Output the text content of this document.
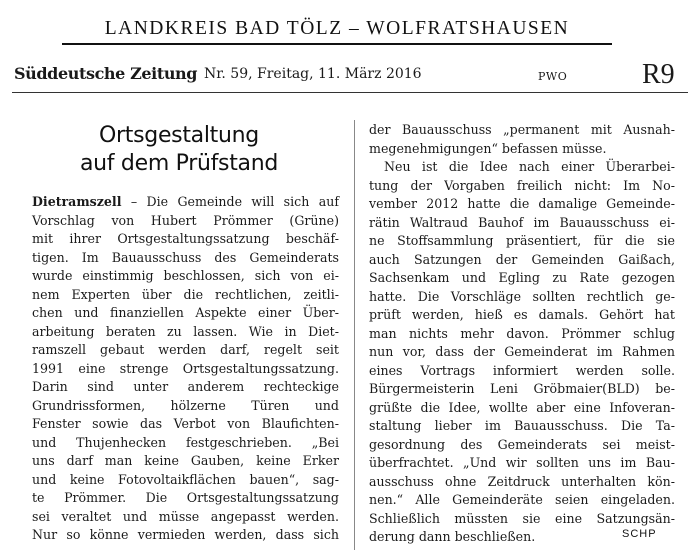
LANDKREIS BAD TÖLZ – WOLFRATSHAUSEN
Süddeutsche Zeitung Nr. 59, Freitag, 11. März 2016	PWO	R9
Ortsgestaltung
auf dem Prüfstand
Dietramszell – Die Gemeinde will sich auf
Vorschlag von Hubert Prömmer (Grüne)
mit ihrer Ortsgestaltungssatzung beschäf-
tigen. Im Bauausschuss des Gemeinderats
wurde einstimmig beschlossen, sich von ei-
nem Experten über die rechtlichen, zeitli-
chen und finanziellen Aspekte einer Über-
arbeitung beraten zu lassen. Wie in Diet-
ramszell gebaut werden darf, regelt seit
1991 eine strenge Ortsgestaltungssatzung.
Darin sind unter anderem rechteckige
Grundrissformen, hölzerne Türen und
Fenster sowie das Verbot von Blaufichten-
und Thujenhecken festgeschrieben. „Bei
uns darf man keine Gauben, keine Erker
und keine Fotovoltaikflächen bauen“, sag-
te Prömmer. Die Ortsgestaltungssatzung
sei veraltet und müsse angepasst werden.
Nur so könne vermieden werden, dass sich
der Bauausschuss „permanent mit Ausnah-
megenehmigungen“ befassen müsse.
Neu ist die Idee nach einer Überarbei-
tung der Vorgaben freilich nicht: Im No-
vember 2012 hatte die damalige Gemeinde-
rätin Waltraud Bauhof im Bauausschuss ei-
ne Stoffsammlung präsentiert, für die sie
auch Satzungen der Gemeinden Gaißach,
Sachsenkam und Egling zu Rate gezogen
hatte. Die Vorschläge sollten rechtlich ge-
prüft werden, hieß es damals. Gehört hat
man nichts mehr davon. Prömmer schlug
nun vor, dass der Gemeinderat im Rahmen
eines Vortrags informiert werden solle.
Bürgermeisterin Leni Gröbmaier(BLD) be-
grüßte die Idee, wollte aber eine Infoveran-
staltung lieber im Bauausschuss. Die Ta-
gesordnung des Gemeinderats sei meist-
überfrachtet. „Und wir sollten uns im Bau-
ausschuss ohne Zeitdruck unterhalten kön-
nen.“ Alle Gemeinderäte seien eingeladen.
Schließlich müssten sie eine Satzungsän-
derung dann beschließen.	SCHP
